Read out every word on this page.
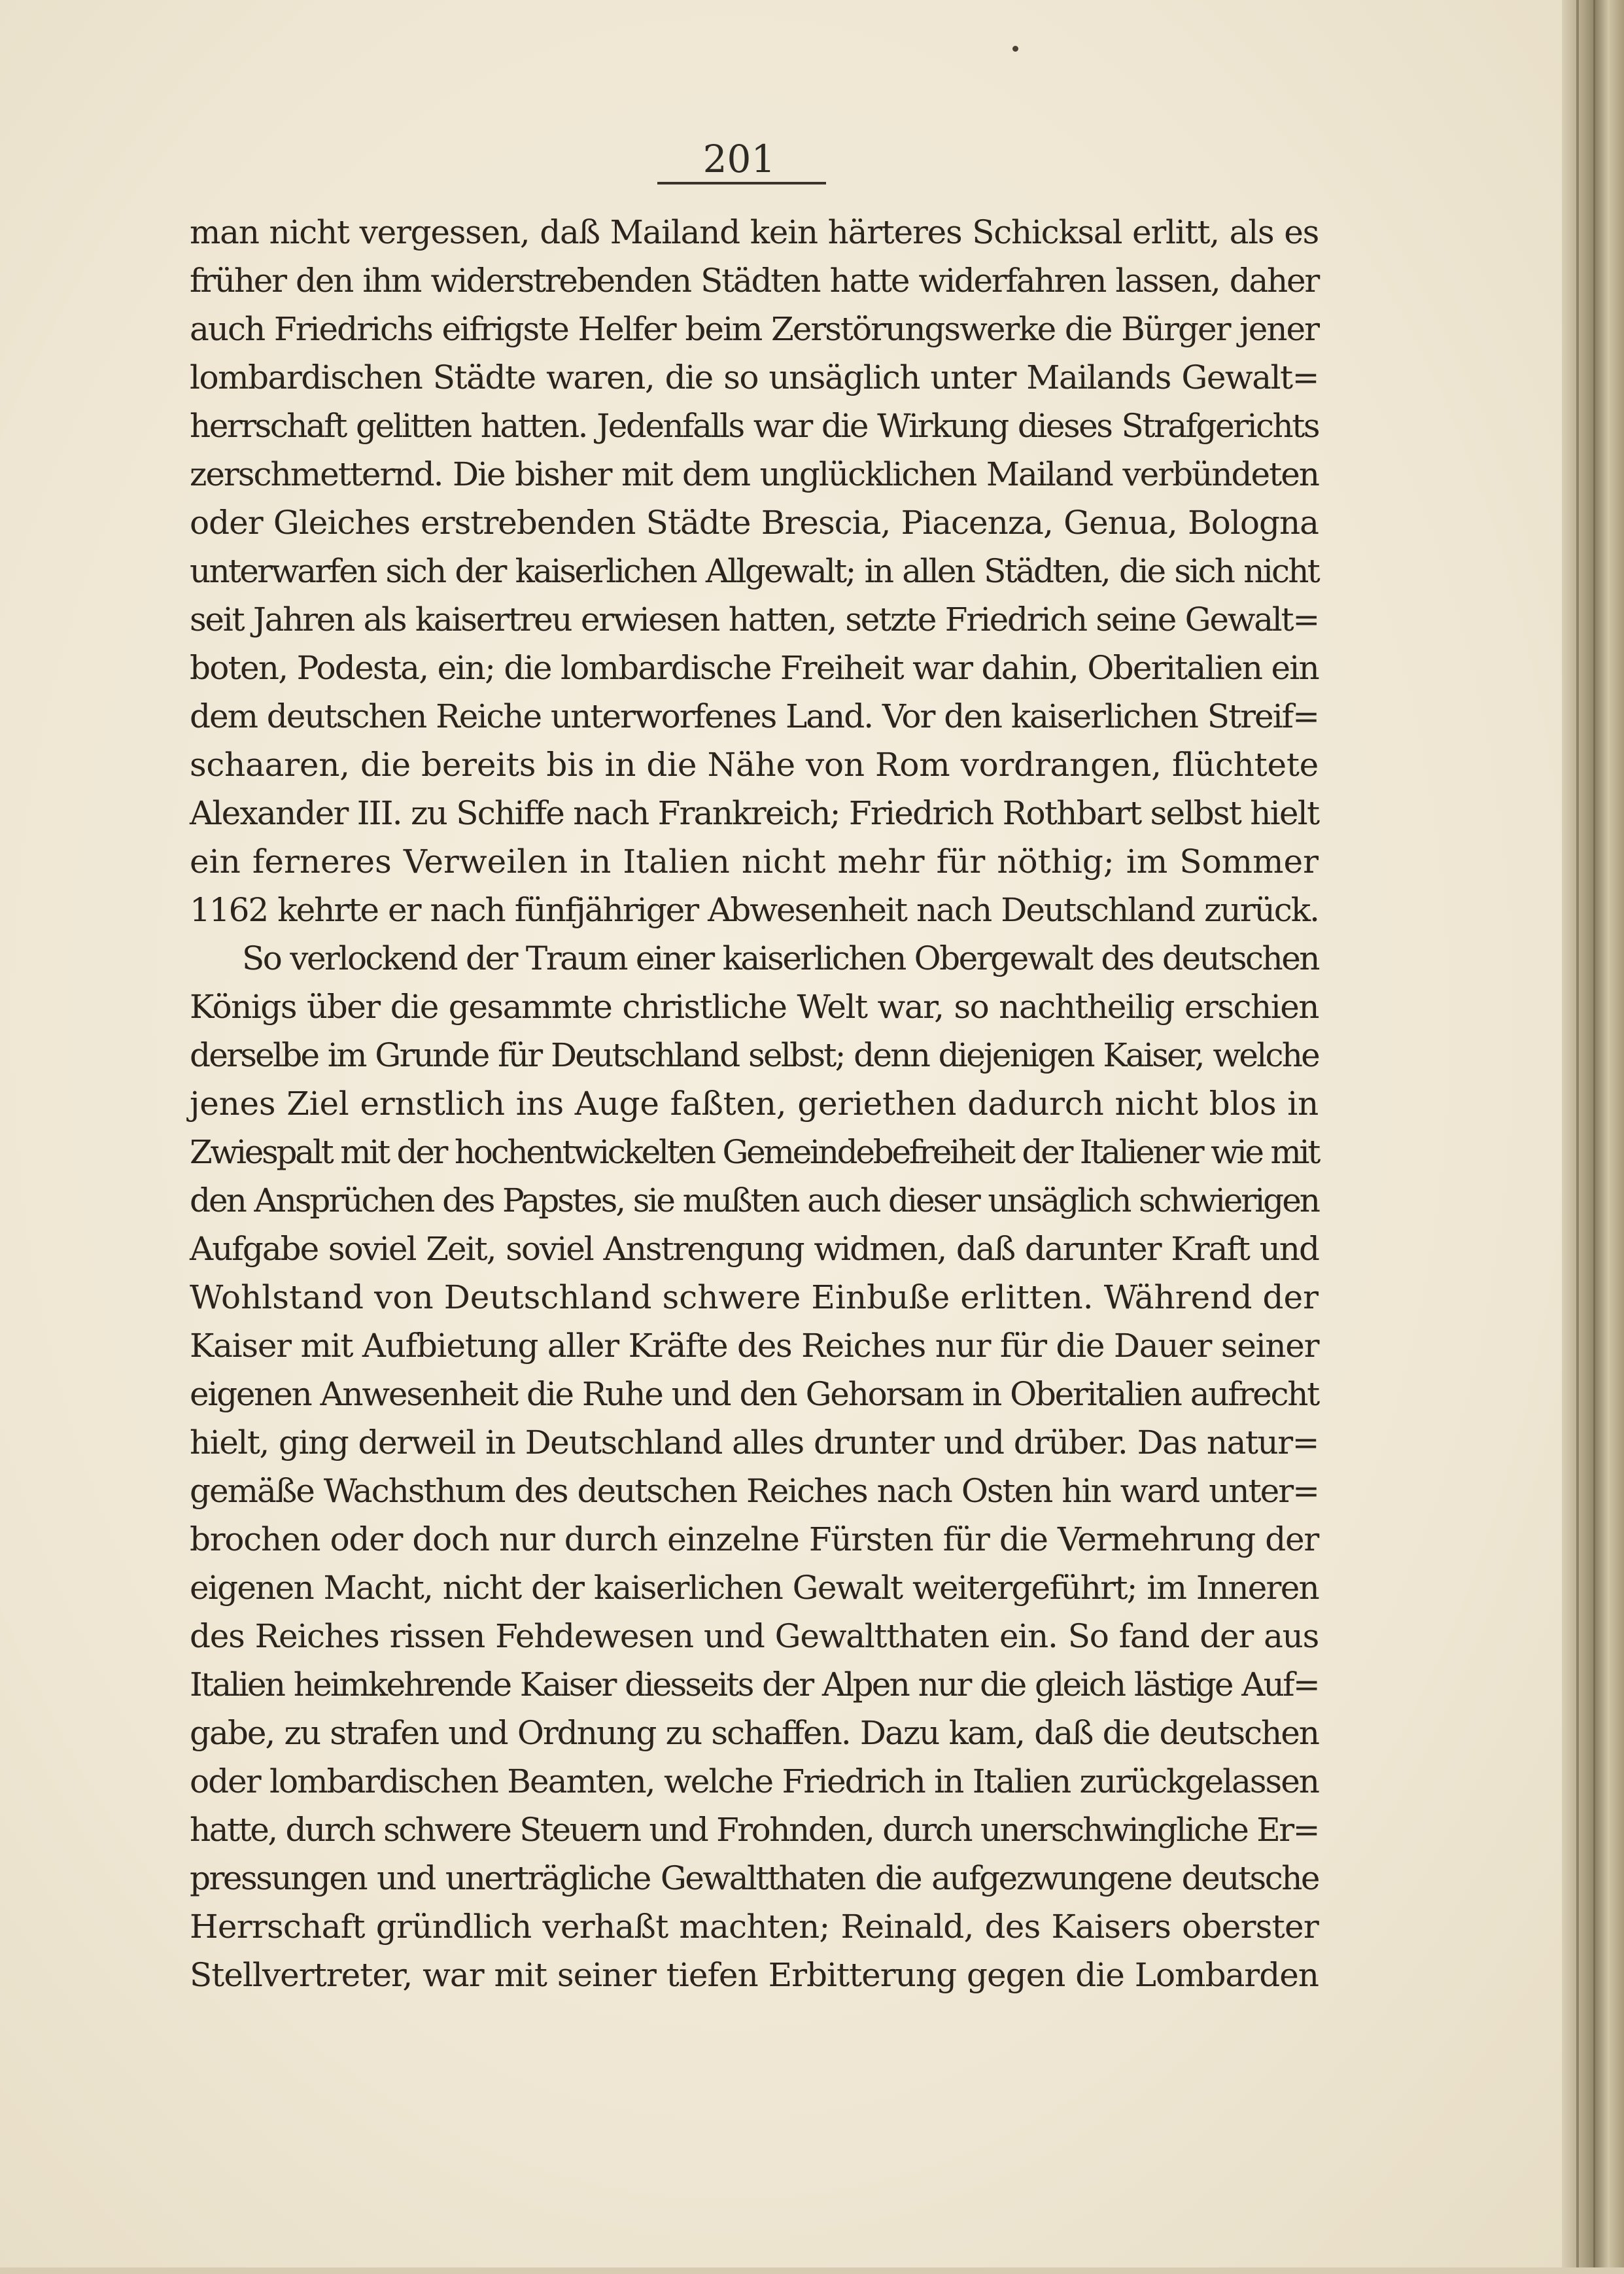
201
man nicht vergessen, daß Mailand kein härteres Schicksal erlitt, als es
früher den ihm widerstrebenden Städten hatte widerfahren lassen, daher
auch Friedrichs eifrigste Helfer beim Zerstörungswerke die Bürger jener
lombardischen Städte waren, die so unsäglich unter Mailands Gewalt=
herrschaft gelitten hatten. Jedenfalls war die Wirkung dieses Strafgerichts
zerschmetternd. Die bisher mit dem unglücklichen Mailand verbündeten
oder Gleiches erstrebenden Städte Brescia, Piacenza, Genua, Bologna
unterwarfen sich der kaiserlichen Allgewalt; in allen Städten, die sich nicht
seit Jahren als kaisertreu erwiesen hatten, setzte Friedrich seine Gewalt=
boten, Podesta, ein; die lombardische Freiheit war dahin, Oberitalien ein
dem deutschen Reiche unterworfenes Land. Vor den kaiserlichen Streif=
schaaren, die bereits bis in die Nähe von Rom vordrangen, flüchtete
Alexander III. zu Schiffe nach Frankreich; Friedrich Rothbart selbst hielt
ein ferneres Verweilen in Italien nicht mehr für nöthig; im Sommer
1162 kehrte er nach fünfjähriger Abwesenheit nach Deutschland zurück.
So verlockend der Traum einer kaiserlichen Obergewalt des deutschen
Königs über die gesammte christliche Welt war, so nachtheilig erschien
derselbe im Grunde für Deutschland selbst; denn diejenigen Kaiser, welche
jenes Ziel ernstlich ins Auge faßten, geriethen dadurch nicht blos in
Zwiespalt mit der hochentwickelten Gemeindebefreiheit der Italiener wie mit
den Ansprüchen des Papstes, sie mußten auch dieser unsäglich schwierigen
Aufgabe soviel Zeit, soviel Anstrengung widmen, daß darunter Kraft und
Wohlstand von Deutschland schwere Einbuße erlitten. Während der
Kaiser mit Aufbietung aller Kräfte des Reiches nur für die Dauer seiner
eigenen Anwesenheit die Ruhe und den Gehorsam in Oberitalien aufrecht
hielt, ging derweil in Deutschland alles drunter und drüber. Das natur=
gemäße Wachsthum des deutschen Reiches nach Osten hin ward unter=
brochen oder doch nur durch einzelne Fürsten für die Vermehrung der
eigenen Macht, nicht der kaiserlichen Gewalt weitergeführt; im Inneren
des Reiches rissen Fehdewesen und Gewaltthaten ein. So fand der aus
Italien heimkehrende Kaiser diesseits der Alpen nur die gleich lästige Auf=
gabe, zu strafen und Ordnung zu schaffen. Dazu kam, daß die deutschen
oder lombardischen Beamten, welche Friedrich in Italien zurückgelassen
hatte, durch schwere Steuern und Frohnden, durch unerschwingliche Er=
pressungen und unerträgliche Gewaltthaten die aufgezwungene deutsche
Herrschaft gründlich verhaßt machten; Reinald, des Kaisers oberster
Stellvertreter, war mit seiner tiefen Erbitterung gegen die Lombarden
